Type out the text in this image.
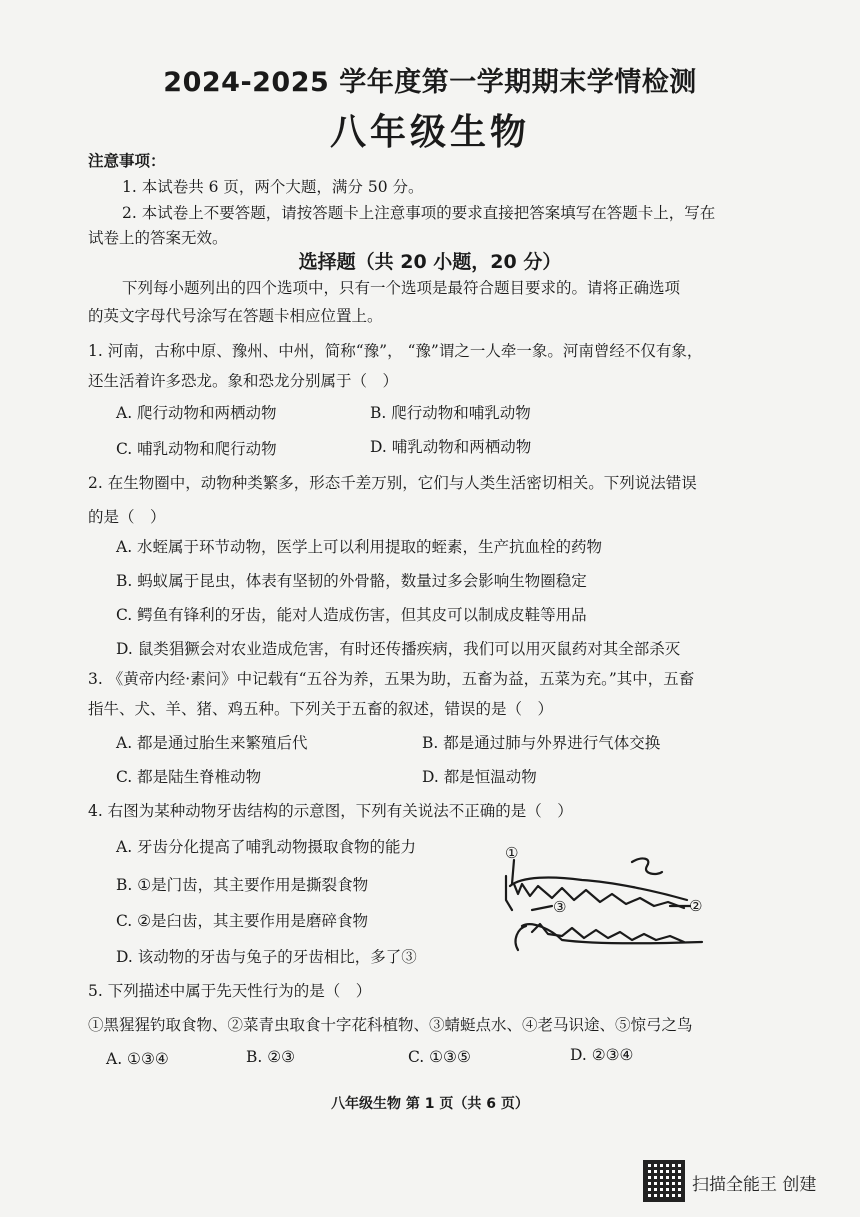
2024-2025 学年度第一学期期末学情检测
八年级生物
注意事项：
1. 本试卷共 6 页，两个大题，满分 50 分。
2. 本试卷上不要答题，请按答题卡上注意事项的要求直接把答案填写在答题卡上，写在
试卷上的答案无效。
选择题（共 20 小题，20 分）
下列每小题列出的四个选项中，只有一个选项是最符合题目要求的。请将正确选项
的英文字母代号涂写在答题卡相应位置上。
1. 河南，古称中原、豫州、中州，简称“豫”， “豫”谓之一人牵一象。河南曾经不仅有象，
还生活着许多恐龙。象和恐龙分别属于（　）
A. 爬行动物和两栖动物	B. 爬行动物和哺乳动物
C. 哺乳动物和爬行动物	D. 哺乳动物和两栖动物
2. 在生物圈中，动物种类繁多，形态千差万别，它们与人类生活密切相关。下列说法错误
的是（　）
A. 水蛭属于环节动物，医学上可以利用提取的蛭素，生产抗血栓的药物
B. 蚂蚁属于昆虫，体表有坚韧的外骨骼，数量过多会影响生物圈稳定
C. 鳄鱼有锋利的牙齿，能对人造成伤害，但其皮可以制成皮鞋等用品
D. 鼠类猖獗会对农业造成危害，有时还传播疾病，我们可以用灭鼠药对其全部杀灭
3. 《黄帝内经·素问》中记载有“五谷为养，五果为助，五畜为益，五菜为充。”其中，五畜
指牛、犬、羊、猪、鸡五种。下列关于五畜的叙述，错误的是（　）
A. 都是通过胎生来繁殖后代	B. 都是通过肺与外界进行气体交换
C. 都是陆生脊椎动物	D. 都是恒温动物
4. 右图为某种动物牙齿结构的示意图，下列有关说法不正确的是（　）
A. 牙齿分化提高了哺乳动物摄取食物的能力
B. ①是门齿，其主要作用是撕裂食物
C. ②是臼齿，其主要作用是磨碎食物
D. 该动物的牙齿与兔子的牙齿相比，多了③
①
②
③
5. 下列描述中属于先天性行为的是（　）
①黑猩猩钓取食物、②菜青虫取食十字花科植物、③蜻蜓点水、④老马识途、⑤惊弓之鸟
A. ①③④	B. ②③	C. ①③⑤	D. ②③④
八年级生物 第 1 页（共 6 页）
扫描全能王 创建
